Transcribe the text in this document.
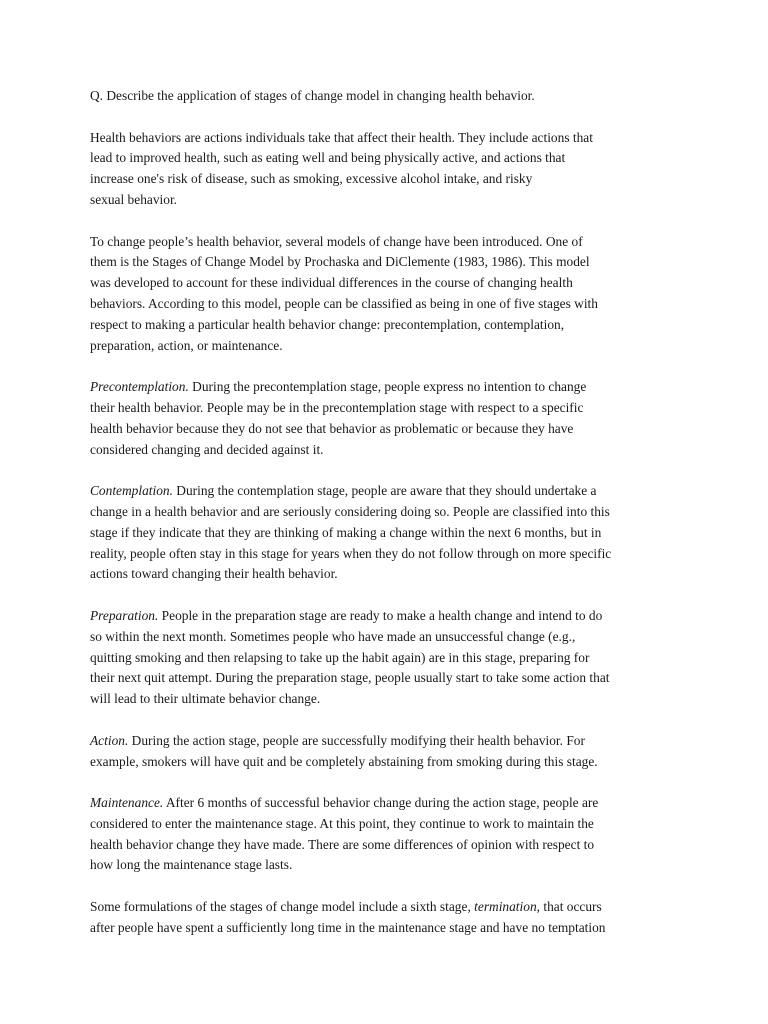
Q. Describe the application of stages of change model in changing health behavior.

Health behaviors are actions individuals take that affect their health. They include actions that
lead to improved health, such as eating well and being physically active, and actions that
increase one's risk of disease, such as smoking, excessive alcohol intake, and risky
sexual behavior.

To change people’s health behavior, several models of change have been introduced. One of
them is the Stages of Change Model by Prochaska and DiClemente (1983, 1986). This model
was developed to account for these individual differences in the course of changing health
behaviors. According to this model, people can be classified as being in one of five stages with
respect to making a particular health behavior change: precontemplation, contemplation,
preparation, action, or maintenance.

Precontemplation. During the precontemplation stage, people express no intention to change
their health behavior. People may be in the precontemplation stage with respect to a specific
health behavior because they do not see that behavior as problematic or because they have
considered changing and decided against it.

Contemplation. During the contemplation stage, people are aware that they should undertake a
change in a health behavior and are seriously considering doing so. People are classified into this
stage if they indicate that they are thinking of making a change within the next 6 months, but in
reality, people often stay in this stage for years when they do not follow through on more specific
actions toward changing their health behavior.

Preparation. People in the preparation stage are ready to make a health change and intend to do
so within the next month. Sometimes people who have made an unsuccessful change (e.g.,
quitting smoking and then relapsing to take up the habit again) are in this stage, preparing for
their next quit attempt. During the preparation stage, people usually start to take some action that
will lead to their ultimate behavior change.

Action. During the action stage, people are successfully modifying their health behavior. For
example, smokers will have quit and be completely abstaining from smoking during this stage.

Maintenance. After 6 months of successful behavior change during the action stage, people are
considered to enter the maintenance stage. At this point, they continue to work to maintain the
health behavior change they have made. There are some differences of opinion with respect to
how long the maintenance stage lasts.

Some formulations of the stages of change model include a sixth stage, termination, that occurs
after people have spent a sufficiently long time in the maintenance stage and have no temptation
